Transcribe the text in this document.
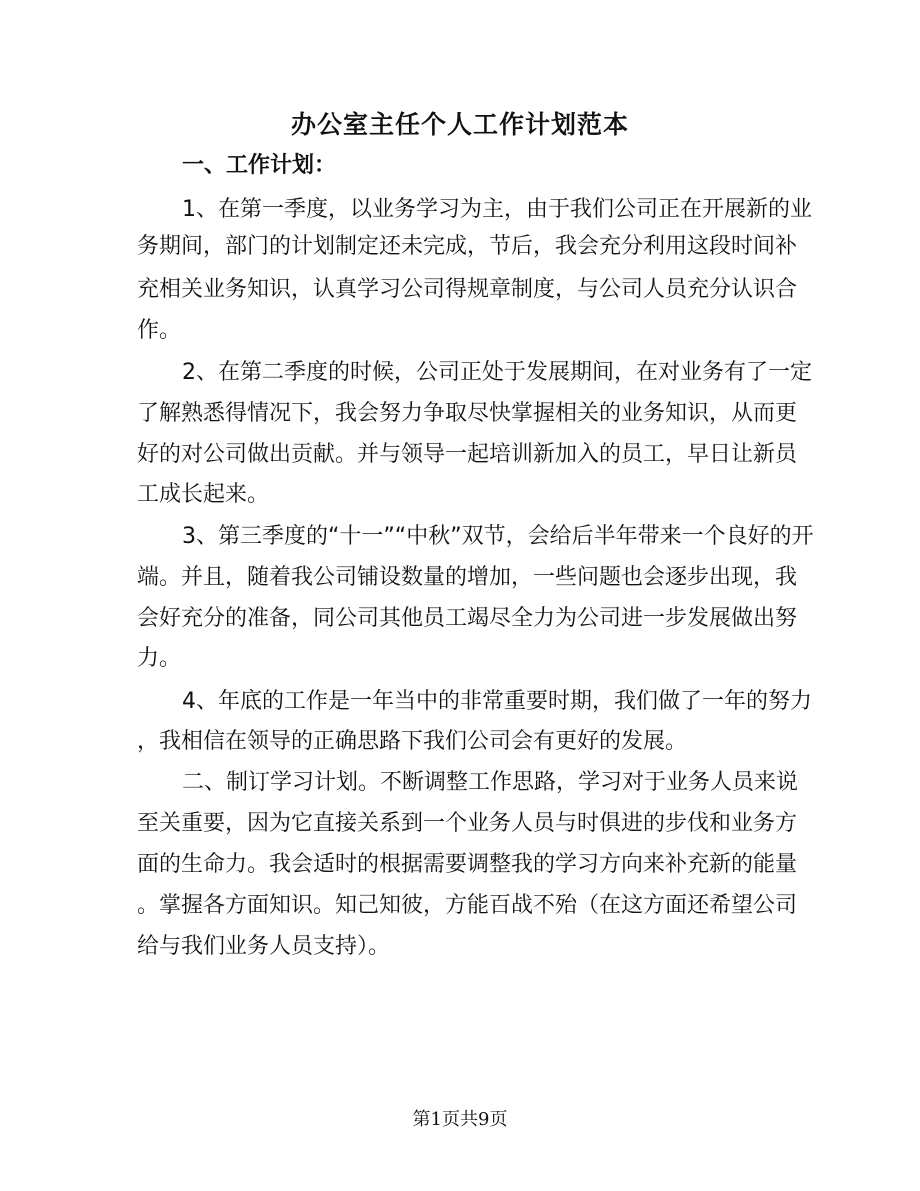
办公室主任个人工作计划范本
一、工作计划：
1、在第一季度，以业务学习为主，由于我们公司正在开展新的业
务期间，部门的计划制定还未完成，节后，我会充分利用这段时间补
充相关业务知识，认真学习公司得规章制度，与公司人员充分认识合
作。
2、在第二季度的时候，公司正处于发展期间，在对业务有了一定
了解熟悉得情况下，我会努力争取尽快掌握相关的业务知识，从而更
好的对公司做出贡献。并与领导一起培训新加入的员工，早日让新员
工成长起来。
3、第三季度的“十一”“中秋”双节，会给后半年带来一个良好的开
端。并且，随着我公司铺设数量的增加，一些问题也会逐步出现，我
会好充分的准备，同公司其他员工竭尽全力为公司进一步发展做出努
力。
4、年底的工作是一年当中的非常重要时期，我们做了一年的努力
，我相信在领导的正确思路下我们公司会有更好的发展。
二、制订学习计划。不断调整工作思路，学习对于业务人员来说
至关重要，因为它直接关系到一个业务人员与时俱进的步伐和业务方
面的生命力。我会适时的根据需要调整我的学习方向来补充新的能量
。掌握各方面知识。知己知彼，方能百战不殆（在这方面还希望公司
给与我们业务人员支持）。
第1页共9页
